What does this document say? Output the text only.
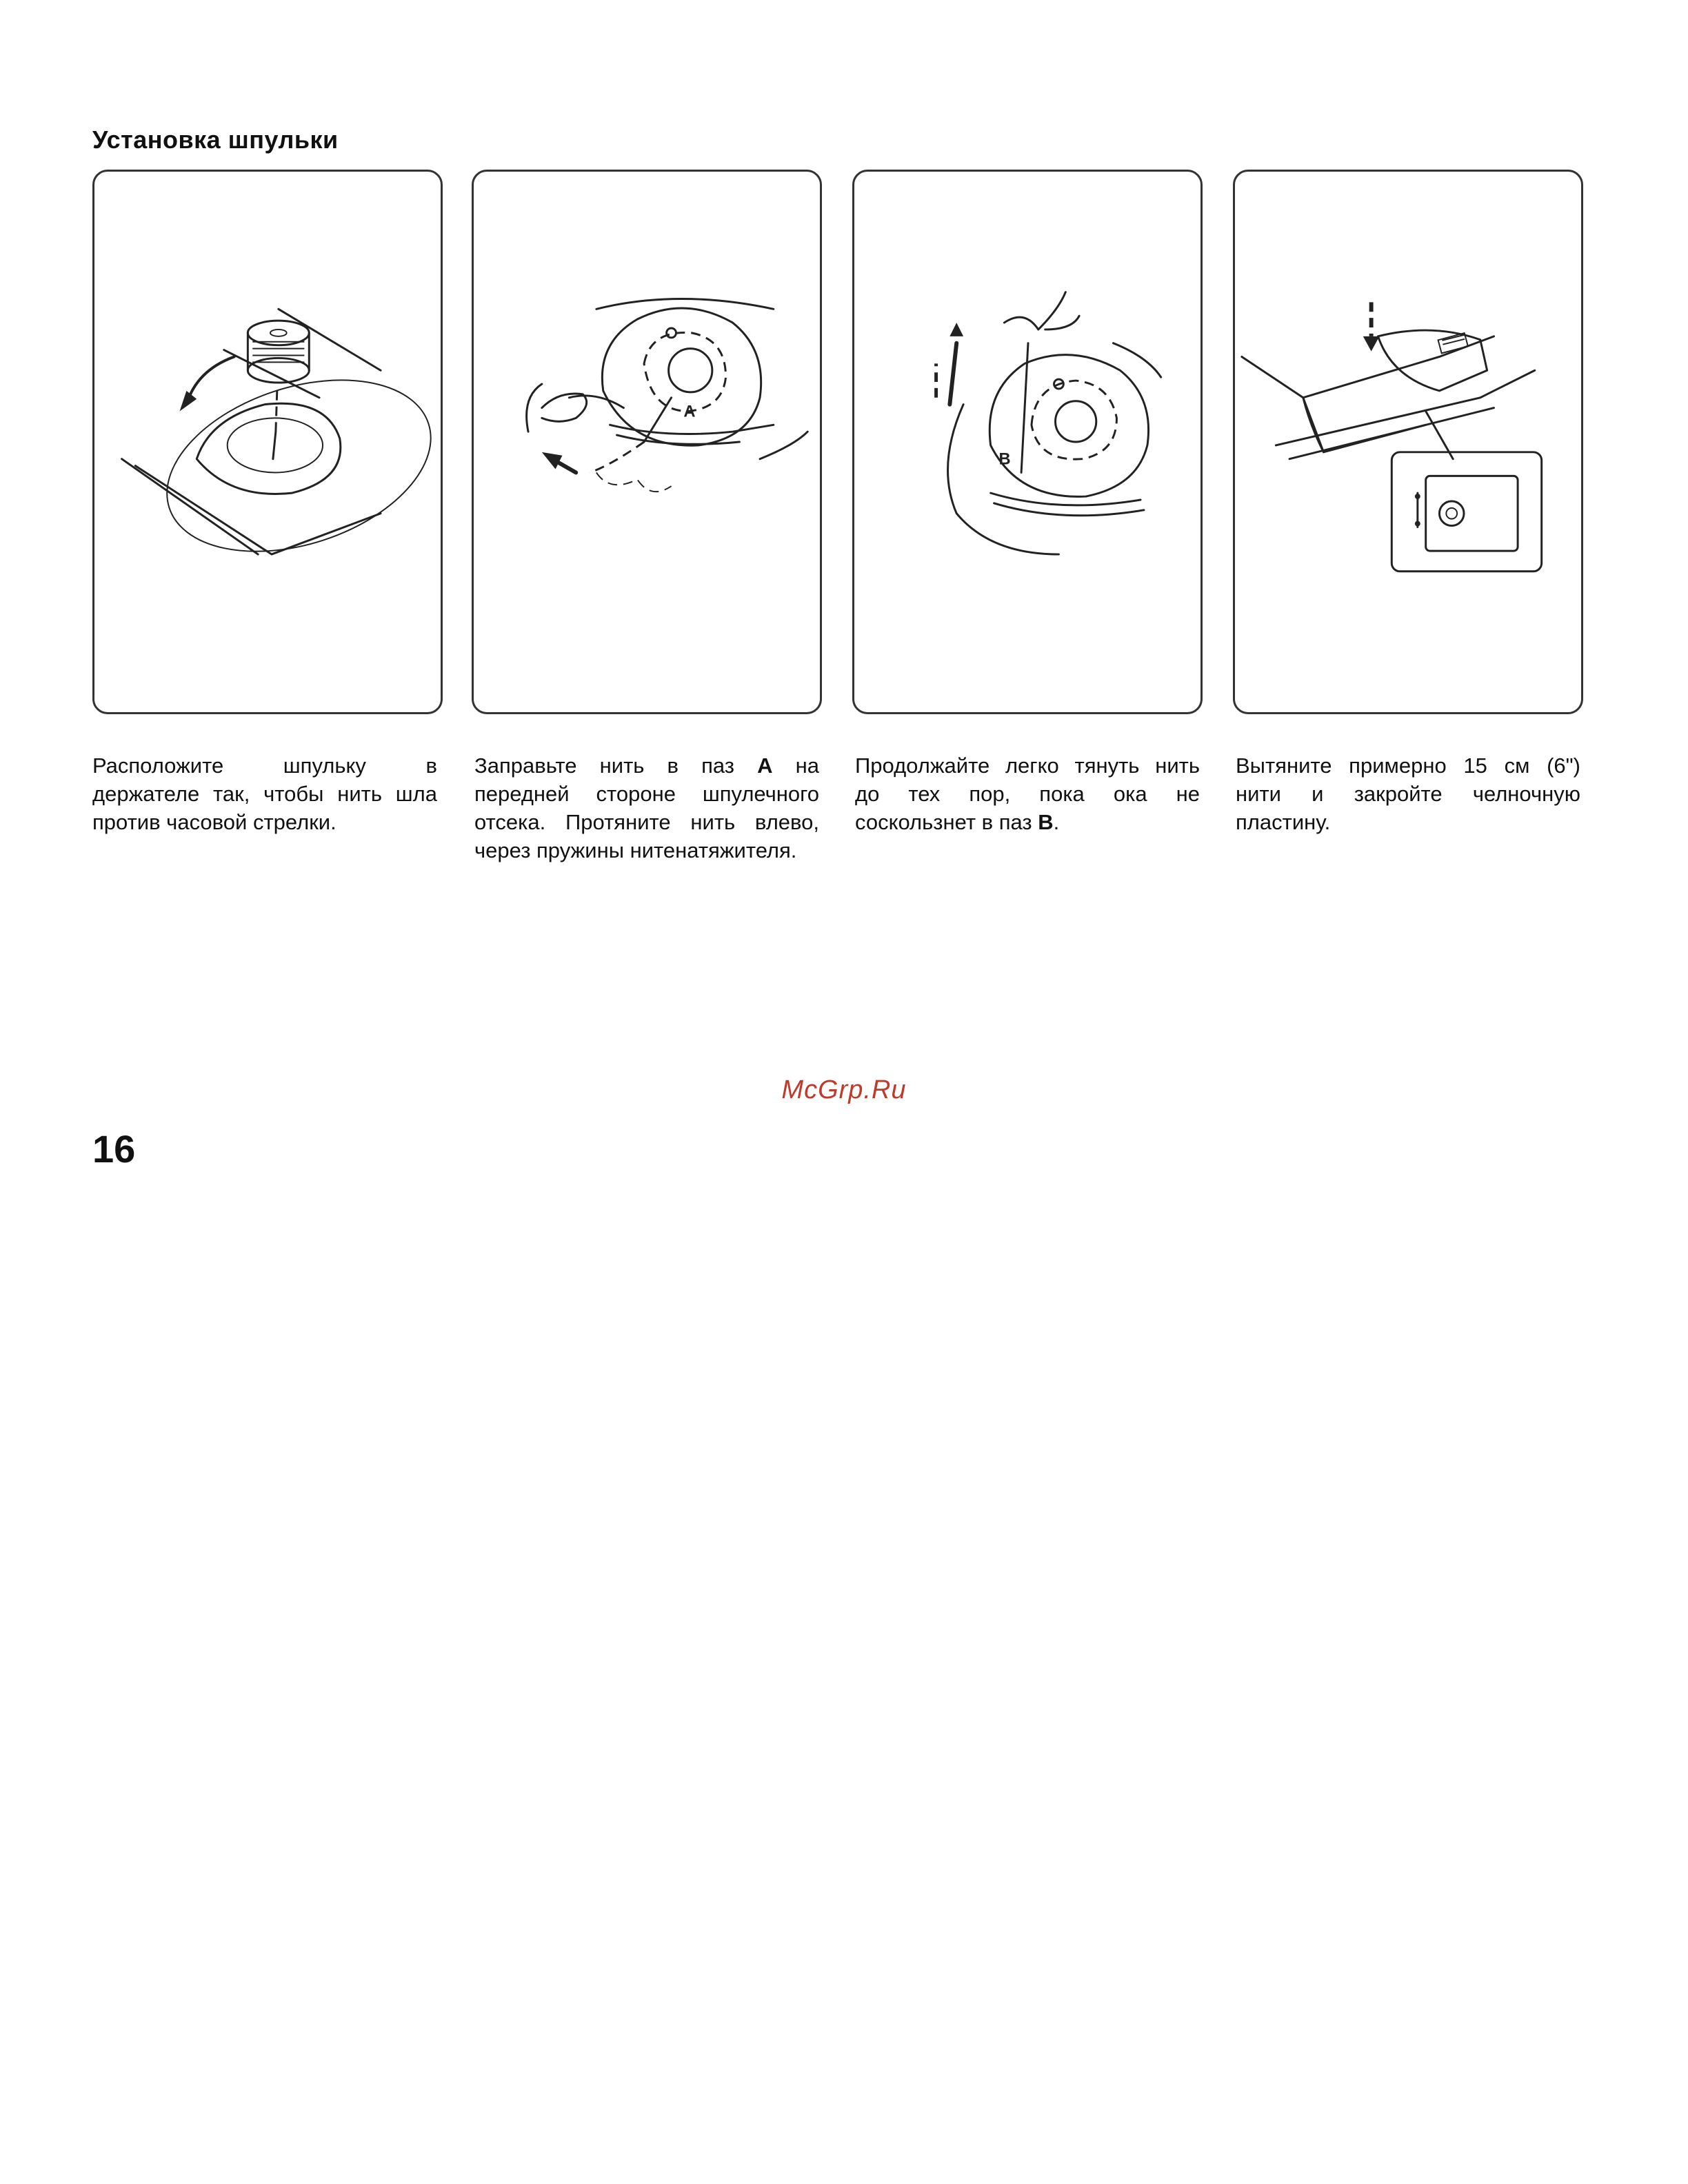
Установка шпульки
A
B
Расположите шпульку в держателе так, чтобы нить шла против часовой стрелки.
Заправьте нить в паз A на передней стороне шпулечного отсека. Протяните нить влево, через пружины нитенатяжителя.
Продолжайте легко тянуть нить до тех пор, пока ока не соскользнет в паз B.
Вытяните примерно 15 см (6") нити и закройте челночную пластину.
McGrp.Ru
16
